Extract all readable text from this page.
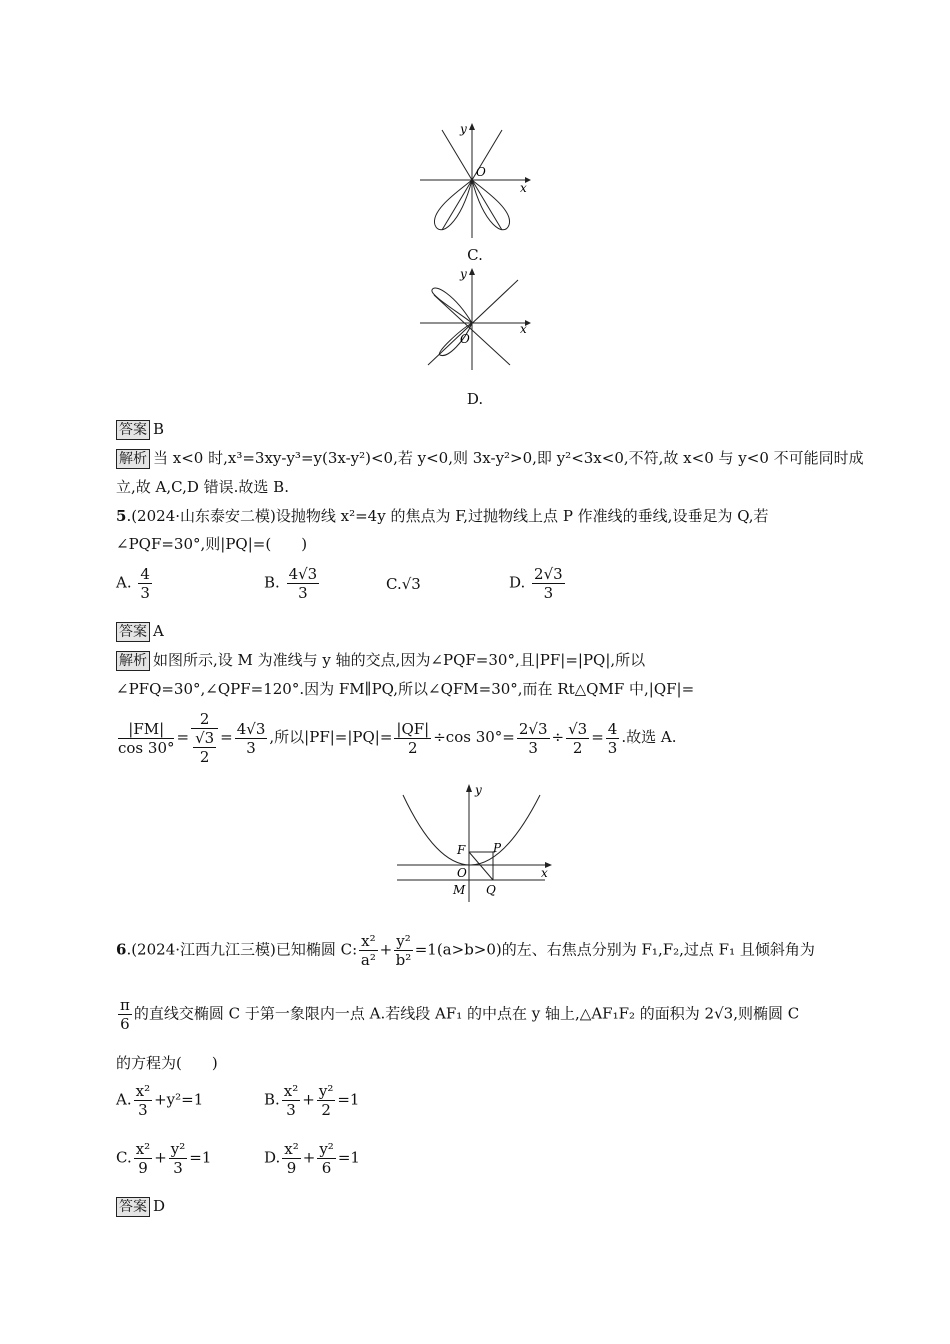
y
x
O
C.
y
x
O
D.
答案 B
解析 当 x<0 时,x³=3xy-y³=y(3x-y²)<0,若 y<0,则 3x-y²>0,即 y²<3x<0,不符,故 x<0 与 y<0 不可能同时成
立,故 A,C,D 错误.故选 B.
5.(2024·山东泰安二模)设抛物线 x²=4y 的焦点为 F,过抛物线上点 P 作准线的垂线,设垂足为 Q,若
∠PQF=30°,则|PQ|=(　　)
A. $\frac{4}{3}$	B. $\frac{4√3}{3}$	C.√3	D. $\frac{2√3}{3}$
答案 A
解析 如图所示,设 M 为准线与 y 轴的交点,因为∠PQF=30°,且|PF|=|PQ|,所以
∠PFQ=30°,∠QPF=120°.因为 FM∥PQ,所以∠QFM=30°,而在 Rt△QMF 中,|QF|=
$\frac{|FM|}{\cos 30^\circ} = \frac{2}{\frac{√3}{2}} = \frac{4√3}{3}$ ,所以$|PF|=|PQ|= \frac{|QF|}{2} \div\cos$ $30^\circ= \frac{2√3}{3} \div \frac{√3}{2} = \frac{4}{3}$ .故选 A.
y
x
F P
O
M Q
6.(2024·江西九江三模)已知椭圆 C: $\frac{\text{x²}}{\text{a²}} + \frac{\text{y²}}{\text{b²}} =1(a>b>0)$的左、右焦点分别为 F₁,F₂,过点 F₁ 且倾斜角为
$\frac{\pi}{6}$ 的直线交椭圆 C 于第一象限内一点 A.若线段 AF₁ 的中点在 y 轴上,△AF₁F₂ 的面积为 2√3,则椭圆 C
的方程为(　　)
A. $\frac{\text{x²}}{3} +y^2=1$	B. $\frac{\text{x²}}{3} + \frac{\text{y²}}{2} =1$
C. $\frac{\text{x²}}{9} + \frac{\text{y²}}{3} =1$	D. $\frac{\text{x²}}{9} + \frac{\text{y²}}{6} =1$
答案 D
